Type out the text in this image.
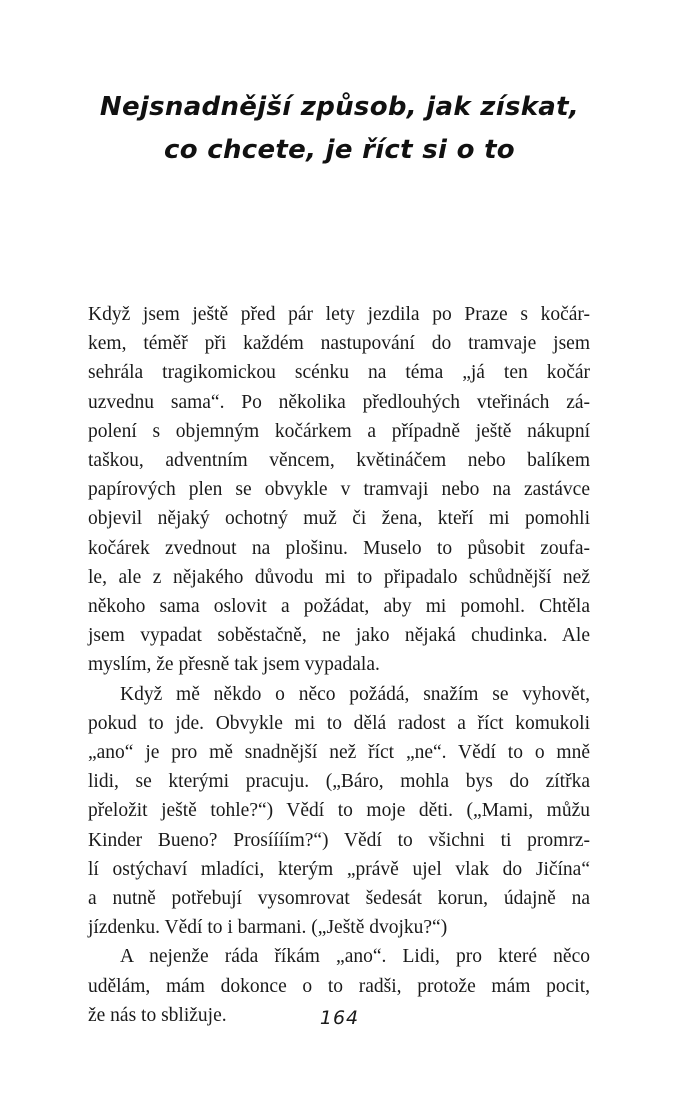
Nejsnadnější způsob, jak získat,
co chcete, je říct si o to

Když jsem ještě před pár lety jezdila po Praze s kočár-
kem, téměř při každém nastupování do tramvaje jsem
sehrála tragikomickou scénku na téma „já ten kočár
uzvednu sama“. Po několika předlouhých vteřinách zá-
polení s objemným kočárkem a případně ještě nákupní
taškou, adventním věncem, květináčem nebo balíkem
papírových plen se obvykle v tramvaji nebo na zastávce
objevil nějaký ochotný muž či žena, kteří mi pomohli
kočárek zvednout na plošinu. Muselo to působit zoufa-
le, ale z nějakého důvodu mi to připadalo schůdnější než
někoho sama oslovit a požádat, aby mi pomohl. Chtěla
jsem vypadat soběstačně, ne jako nějaká chudinka. Ale
myslím, že přesně tak jsem vypadala.

Když mě někdo o něco požádá, snažím se vyhovět,
pokud to jde. Obvykle mi to dělá radost a říct komukoli
„ano“ je pro mě snadnější než říct „ne“. Vědí to o mně
lidi, se kterými pracuju. („Báro, mohla bys do zítřka
přeložit ještě tohle?“) Vědí to moje děti. („Mami, můžu
Kinder Bueno? Prosíííím?“) Vědí to všichni ti promrz-
lí ostýchaví mladíci, kterým „právě ujel vlak do Jičína“
a nutně potřebují vysomrovat šedesát korun, údajně na
jízdenku. Vědí to i barmani. („Ještě dvojku?“)

A nejenže ráda říkám „ano“. Lidi, pro které něco
udělám, mám dokonce o to radši, protože mám pocit,
že nás to sbližuje.	164
